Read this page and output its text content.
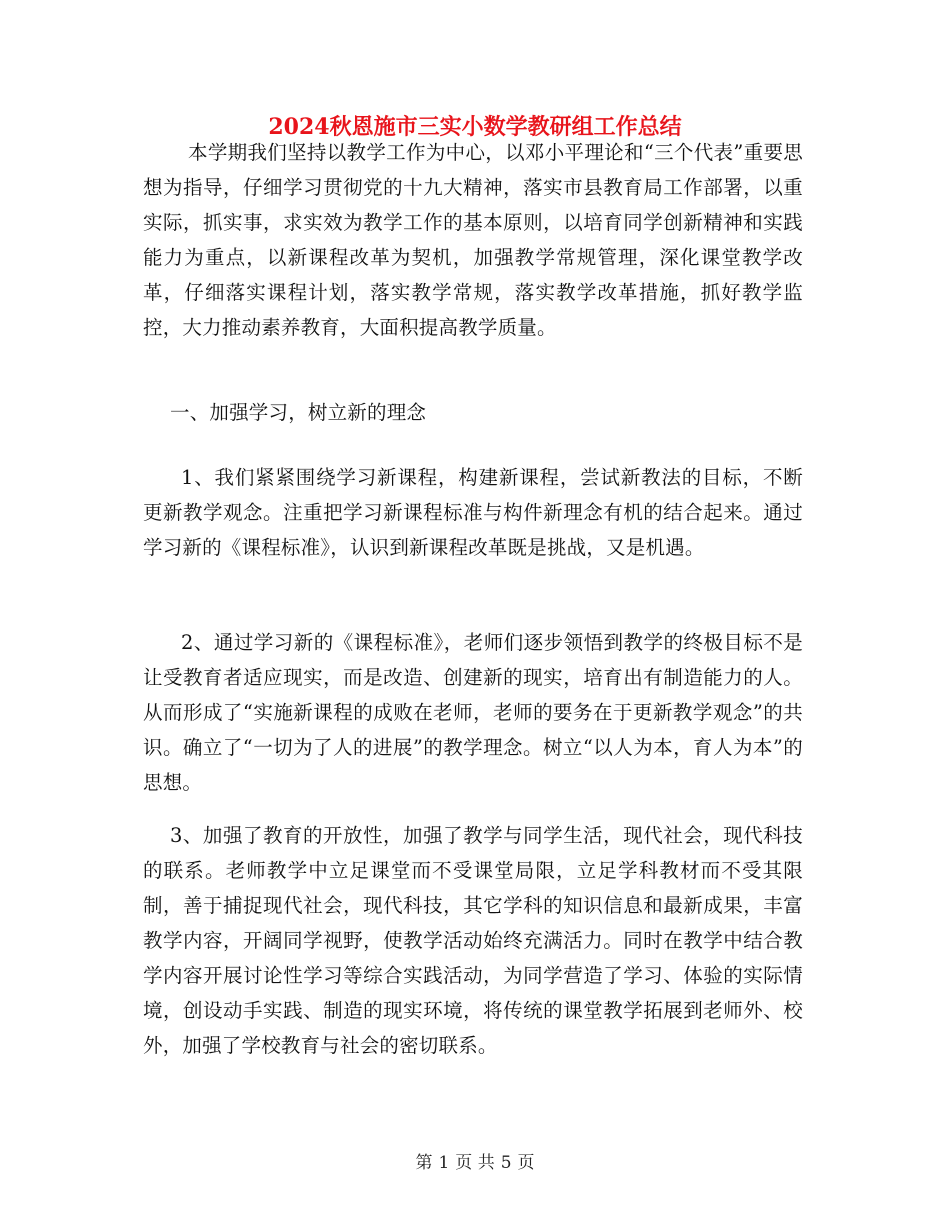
2024秋恩施市三实小数学教研组工作总结

本学期我们坚持以教学工作为中心，以邓小平理论和“三个代表”重要思想为指导，仔细学习贯彻党的十九大精神，落实市县教育局工作部署，以重实际，抓实事，求实效为教学工作的基本原则，以培育同学创新精神和实践能力为重点，以新课程改革为契机，加强教学常规管理，深化课堂教学改革，仔细落实课程计划，落实教学常规，落实教学改革措施，抓好教学监控，大力推动素养教育，大面积提高教学质量。

一、加强学习，树立新的理念

1、我们紧紧围绕学习新课程，构建新课程，尝试新教法的目标，不断更新教学观念。注重把学习新课程标准与构件新理念有机的结合起来。通过学习新的《课程标准》，认识到新课程改革既是挑战，又是机遇。

2、通过学习新的《课程标准》，老师们逐步领悟到教学的终极目标不是让受教育者适应现实，而是改造、创建新的现实，培育出有制造能力的人。从而形成了“实施新课程的成败在老师，老师的要务在于更新教学观念”的共识。确立了“一切为了人的进展”的教学理念。树立“以人为本，育人为本”的思想。

3、加强了教育的开放性，加强了教学与同学生活，现代社会，现代科技的联系。老师教学中立足课堂而不受课堂局限，立足学科教材而不受其限制，善于捕捉现代社会，现代科技，其它学科的知识信息和最新成果，丰富教学内容，开阔同学视野，使教学活动始终充满活力。同时在教学中结合教学内容开展讨论性学习等综合实践活动，为同学营造了学习、体验的实际情境，创设动手实践、制造的现实环境，将传统的课堂教学拓展到老师外、校外，加强了学校教育与社会的密切联系。

第 1 页 共 5 页
